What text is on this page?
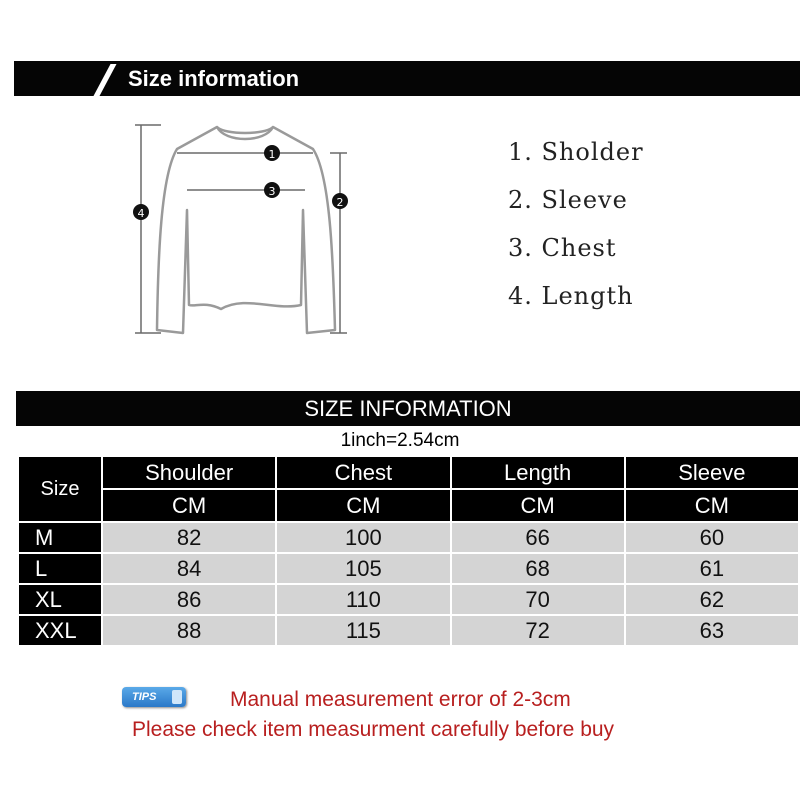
Size information
1
2
3
4
1. Sholder
2. Sleeve
3. Chest
4. Length
SIZE INFORMATION
1inch=2.54cm
Size	Shoulder	Chest	Length	Sleeve
	CM	CM	CM	CM
M	82	100	66	60
L	84	105	68	61
XL	86	110	70	62
XXL	88	115	72	63
TIPS	Manual measurement error of 2-3cm
Please check item measurment carefully before buy
